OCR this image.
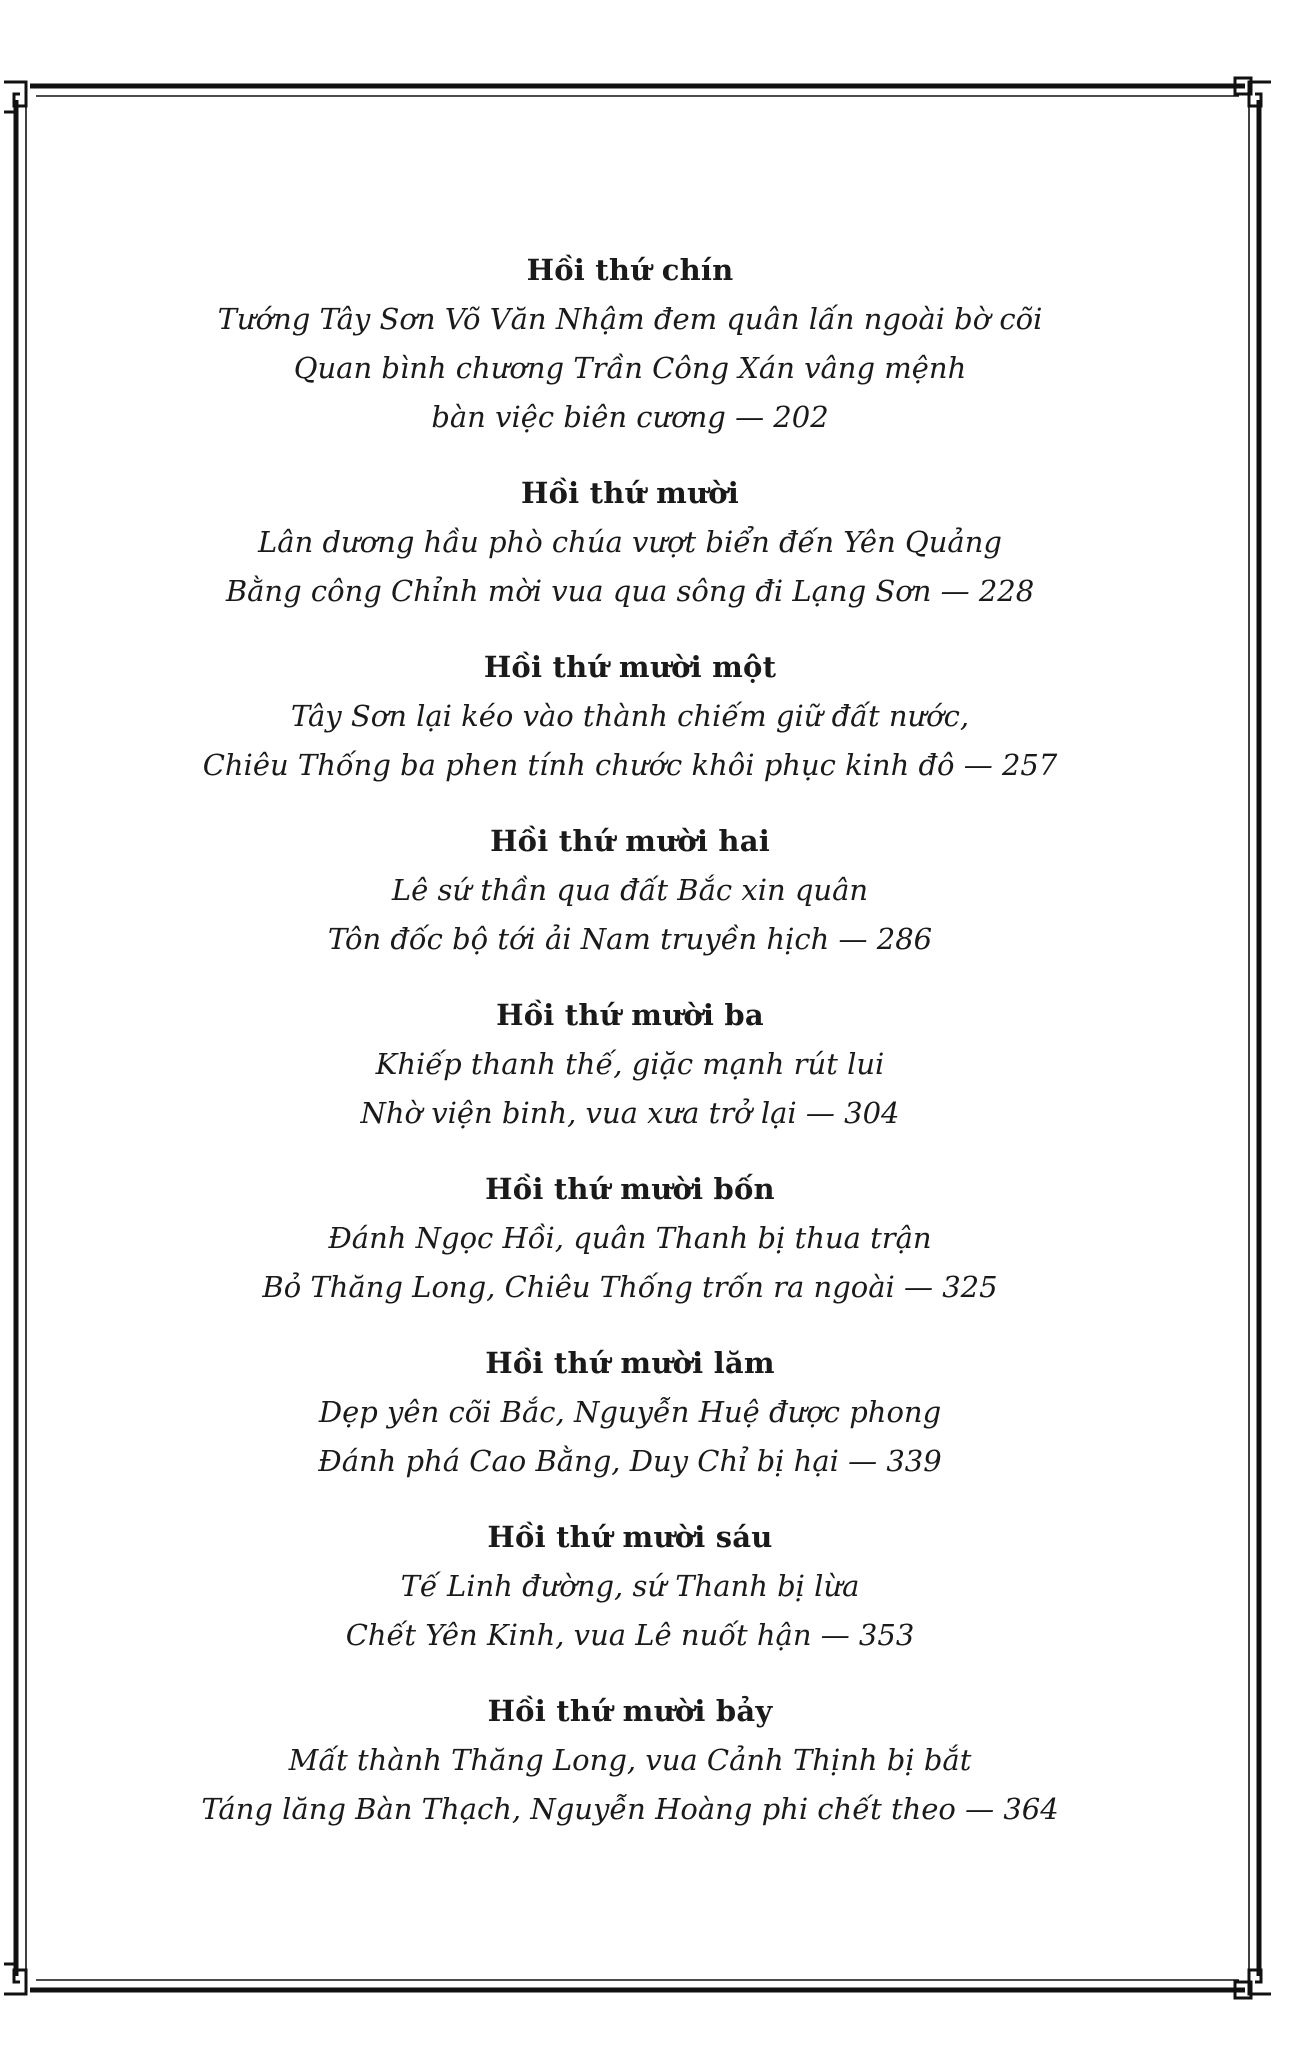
Hồi thứ chín
Tướng Tây Sơn Võ Văn Nhậm đem quân lấn ngoài bờ cõi
Quan bình chương Trần Công Xán vâng mệnh
bàn việc biên cương — 202
Hồi thứ mười
Lân dương hầu phò chúa vượt biển đến Yên Quảng
Bằng công Chỉnh mời vua qua sông đi Lạng Sơn — 228
Hồi thứ mười một
Tây Sơn lại kéo vào thành chiếm giữ đất nước,
Chiêu Thống ba phen tính chước khôi phục kinh đô — 257
Hồi thứ mười hai
Lê sứ thần qua đất Bắc xin quân
Tôn đốc bộ tới ải Nam truyền hịch — 286
Hồi thứ mười ba
Khiếp thanh thế, giặc mạnh rút lui
Nhờ viện binh, vua xưa trở lại — 304
Hồi thứ mười bốn
Đánh Ngọc Hồi, quân Thanh bị thua trận
Bỏ Thăng Long, Chiêu Thống trốn ra ngoài — 325
Hồi thứ mười lăm
Dẹp yên cõi Bắc, Nguyễn Huệ được phong
Đánh phá Cao Bằng, Duy Chỉ bị hại — 339
Hồi thứ mười sáu
Tế Linh đường, sứ Thanh bị lừa
Chết Yên Kinh, vua Lê nuốt hận — 353
Hồi thứ mười bảy
Mất thành Thăng Long, vua Cảnh Thịnh bị bắt
Táng lăng Bàn Thạch, Nguyễn Hoàng phi chết theo — 364
